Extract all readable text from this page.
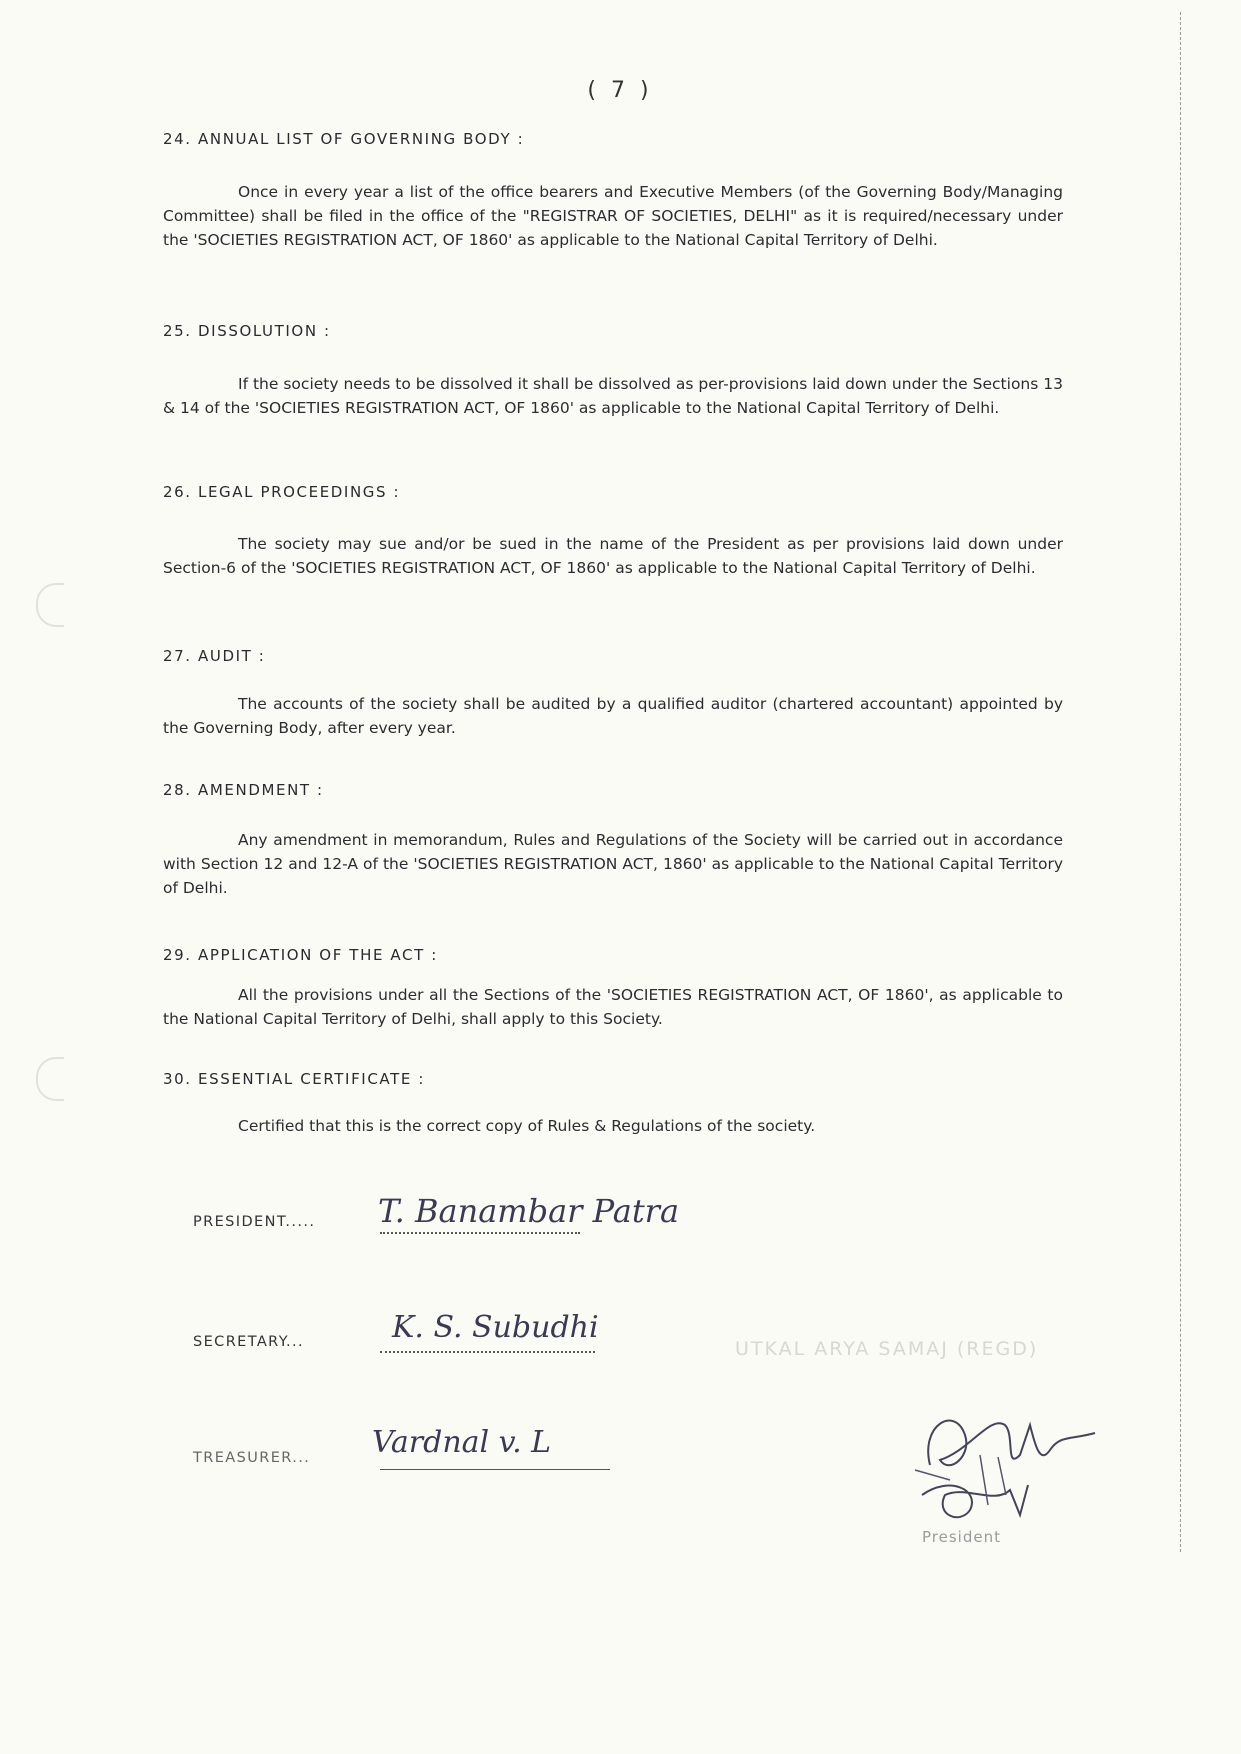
( 7 )
24. ANNUAL LIST OF GOVERNING BODY :
Once in every year a list of the office bearers and Executive Members (of the Governing Body/Managing Committee) shall be filed in the office of the "REGISTRAR OF SOCIETIES, DELHI" as it is required/necessary under the 'SOCIETIES REGISTRATION ACT, OF 1860' as applicable to the National Capital Territory of Delhi.
25. DISSOLUTION :
If the society needs to be dissolved it shall be dissolved as per-provisions laid down under the Sections 13 & 14 of the 'SOCIETIES REGISTRATION ACT, OF 1860' as applicable to the National Capital Territory of Delhi.
26. LEGAL PROCEEDINGS :
The society may sue and/or be sued in the name of the President as per provisions laid down under Section-6 of the 'SOCIETIES REGISTRATION ACT, OF 1860' as applicable to the National Capital Territory of Delhi.
27. AUDIT :
The accounts of the society shall be audited by a qualified auditor (chartered accountant) appointed by the Governing Body, after every year.
28. AMENDMENT :
Any amendment in memorandum, Rules and Regulations of the Society will be carried out in accordance with Section 12 and 12-A of the 'SOCIETIES REGISTRATION ACT, 1860' as applicable to the National Capital Territory of Delhi.
29. APPLICATION OF THE ACT :
All the provisions under all the Sections of the 'SOCIETIES REGISTRATION ACT, OF 1860', as applicable to the National Capital Territory of Delhi, shall apply to this Society.
30. ESSENTIAL CERTIFICATE :
Certified that this is the correct copy of Rules & Regulations of the society.
PRESIDENT..... T. Banambar Patra
SECRETARY...	K. S. Subudhi
TREASURER... Vardnal v. L
UTKAL ARYA SAMAJ (REGD)
President
